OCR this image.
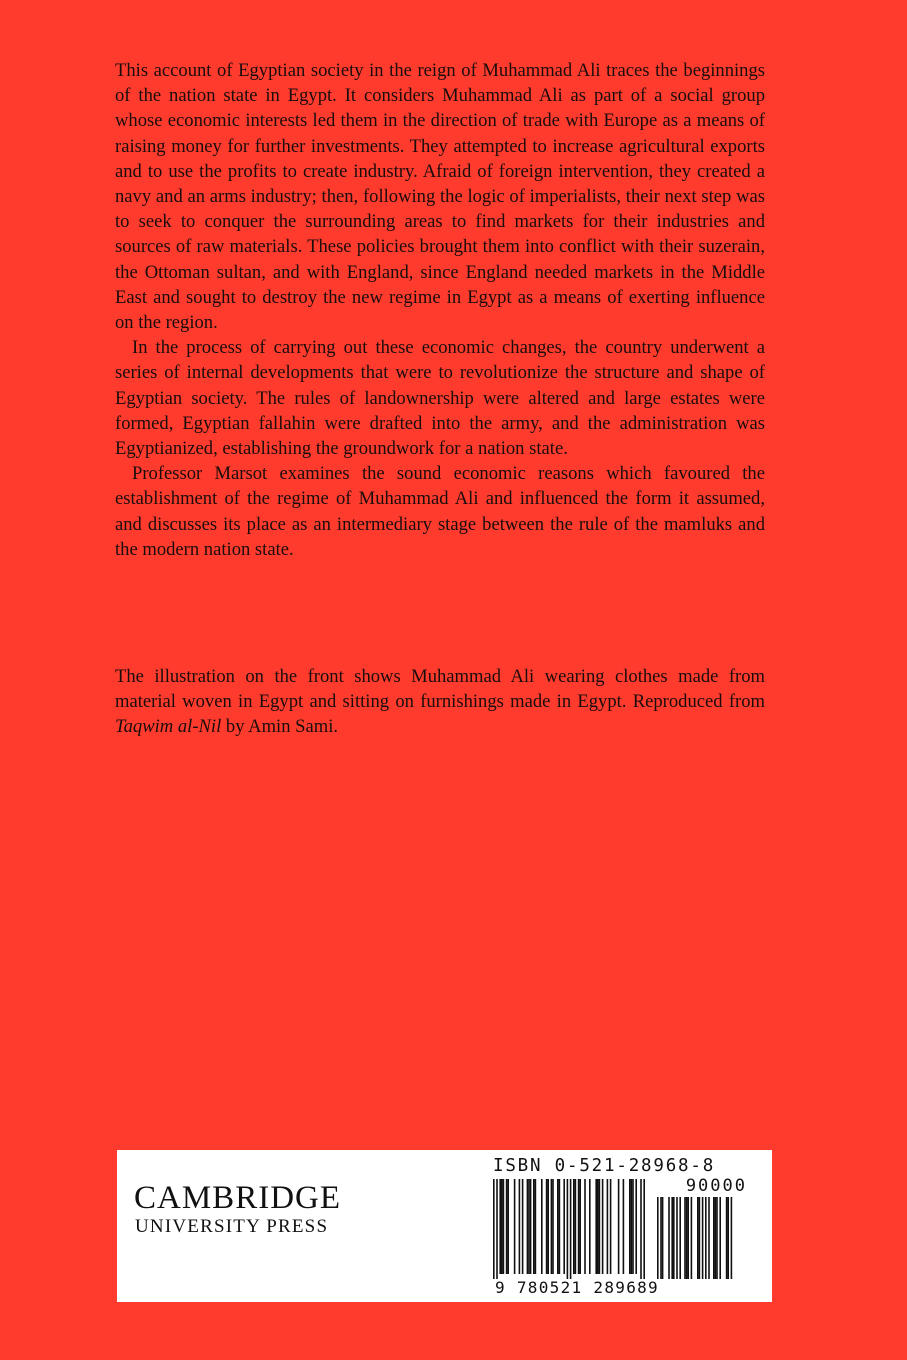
This account of Egyptian society in the reign of Muhammad Ali traces the beginnings of the nation state in Egypt. It considers Muhammad Ali as part of a social group whose economic interests led them in the direction of trade with Europe as a means of raising money for further investments. They attempted to increase agricultural exports and to use the profits to create industry. Afraid of foreign intervention, they created a navy and an arms industry; then, following the logic of imperialists, their next step was to seek to conquer the surrounding areas to find markets for their industries and sources of raw materials. These policies brought them into conflict with their suzerain, the Ottoman sultan, and with England, since England needed markets in the Middle East and sought to destroy the new regime in Egypt as a means of exerting influence on the region.

In the process of carrying out these economic changes, the country underwent a series of internal developments that were to revolutionize the structure and shape of Egyptian society. The rules of landownership were altered and large estates were formed, Egyptian fallahin were drafted into the army, and the administration was Egyptianized, establishing the groundwork for a nation state.

Professor Marsot examines the sound economic reasons which favoured the establishment of the regime of Muhammad Ali and influenced the form it assumed, and discusses its place as an intermediary stage between the rule of the mamluks and the modern nation state.

The illustration on the front shows Muhammad Ali wearing clothes made from material woven in Egypt and sitting on furnishings made in Egypt. Reproduced from Taqwim al-Nil by Amin Sami.

CAMBRIDGE
UNIVERSITY PRESS
ISBN 0-521-28968-8
90000
9 780521 289689
